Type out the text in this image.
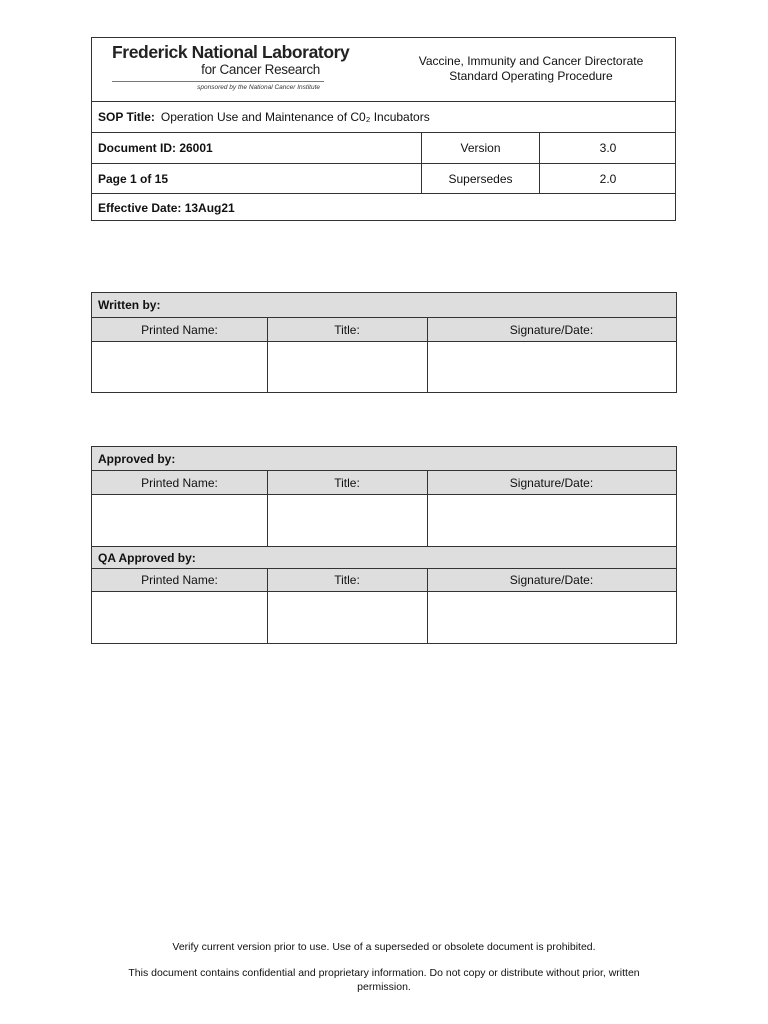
Frederick National Laboratory
for Cancer Research
sponsored by the National Cancer Institute
Vaccine, Immunity and Cancer Directorate
Standard Operating Procedure
SOP Title: Operation Use and Maintenance of C0₂ Incubators
Document ID: 26001	Version	3.0
Page 1 of 15	Supersedes	2.0
Effective Date: 13Aug21
Written by:
Printed Name:	Title:	Signature/Date:
Approved by:
Printed Name:	Title:	Signature/Date:
QA Approved by:
Printed Name:	Title:	Signature/Date:
Verify current version prior to use. Use of a superseded or obsolete document is prohibited.
This document contains confidential and proprietary information. Do not copy or distribute without prior, written permission.
